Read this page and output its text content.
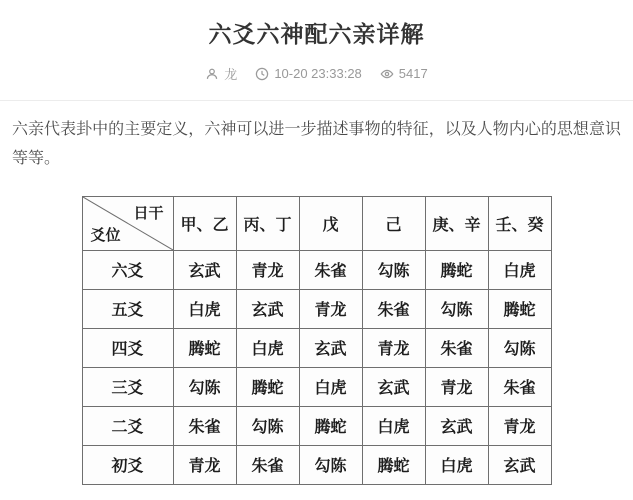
六爻六神配六亲详解
龙	10-20 23:33:28	5417

六亲代表卦中的主要定义，六神可以进一步描述事物的特征，以及人物内心的思想意识等等。

日干
爻位	甲、乙	丙、丁	戊	己	庚、辛	壬、癸
六爻	玄武	青龙	朱雀	勾陈	腾蛇	白虎
五爻	白虎	玄武	青龙	朱雀	勾陈	腾蛇
四爻	腾蛇	白虎	玄武	青龙	朱雀	勾陈
三爻	勾陈	腾蛇	白虎	玄武	青龙	朱雀
二爻	朱雀	勾陈	腾蛇	白虎	玄武	青龙
初爻	青龙	朱雀	勾陈	腾蛇	白虎	玄武
